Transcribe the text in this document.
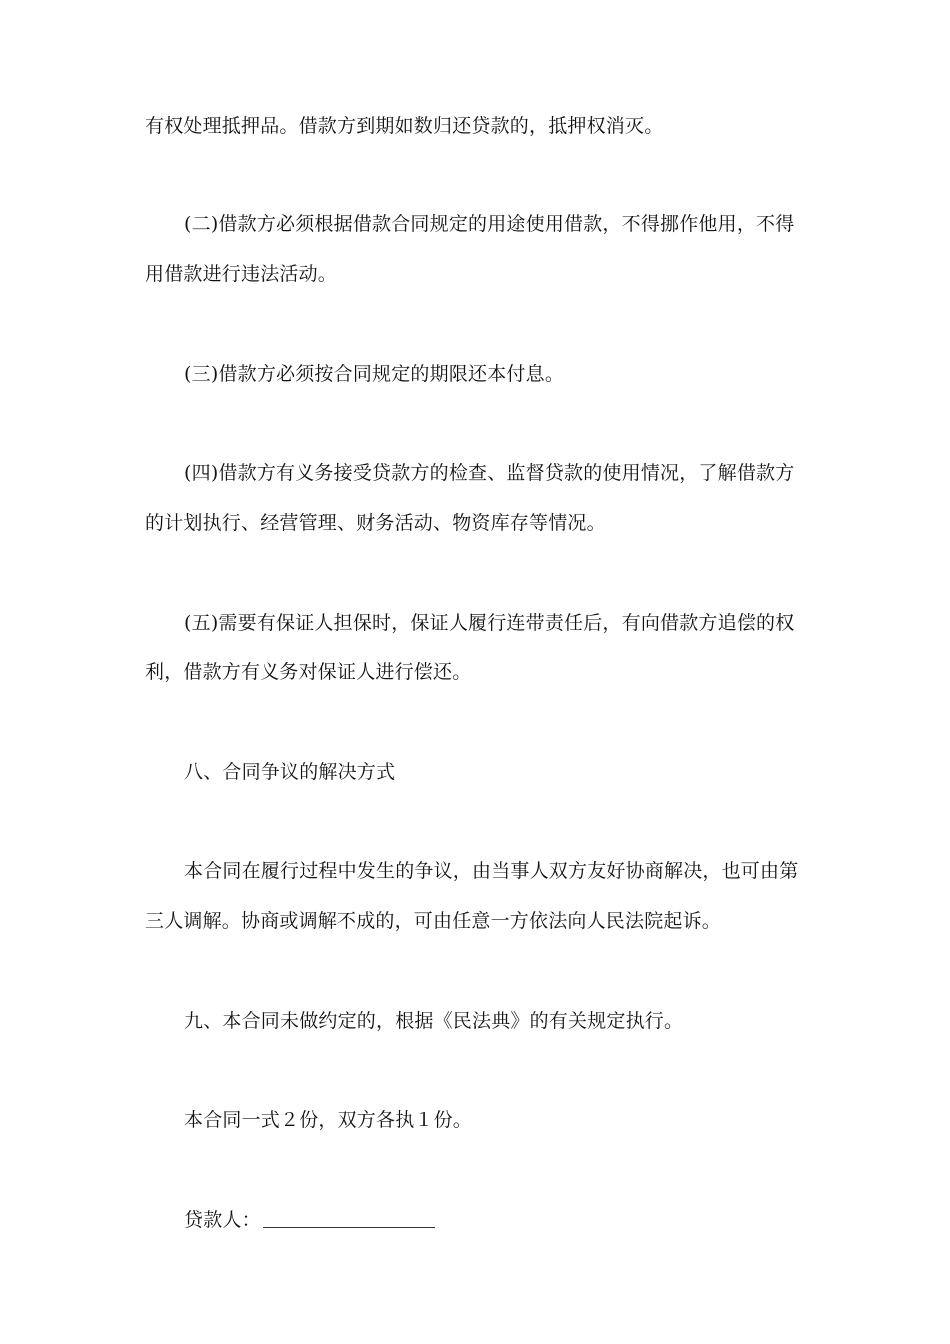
有权处理抵押品。借款方到期如数归还贷款的，抵押权消灭。
(二)借款方必须根据借款合同规定的用途使用借款，不得挪作他用，不得
用借款进行违法活动。
(三)借款方必须按合同规定的期限还本付息。
(四)借款方有义务接受贷款方的检查、监督贷款的使用情况，了解借款方
的计划执行、经营管理、财务活动、物资库存等情况。
(五)需要有保证人担保时，保证人履行连带责任后，有向借款方追偿的权
利，借款方有义务对保证人进行偿还。
八、合同争议的解决方式
本合同在履行过程中发生的争议，由当事人双方友好协商解决，也可由第
三人调解。协商或调解不成的，可由任意一方依法向人民法院起诉。
九、本合同未做约定的，根据《民法典》的有关规定执行。
本合同一式２份，双方各执１份。
贷款人：
